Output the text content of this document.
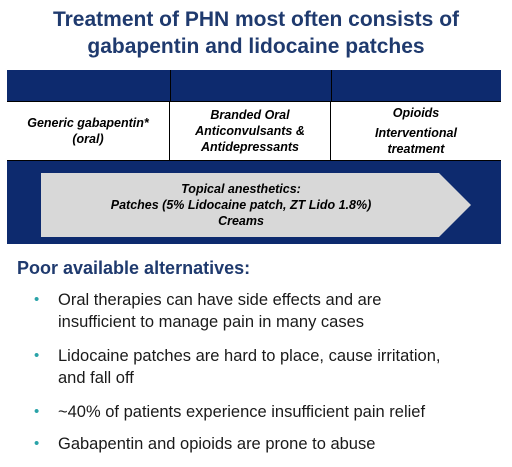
Treatment of PHN most often consists of
gabapentin and lidocaine patches
Generic gabapentin*
(oral)
Branded Oral
Anticonvulsants &
Antidepressants
Opioids
Interventional
treatment
Topical anesthetics:
Patches (5% Lidocaine patch, ZT Lido 1.8%)
Creams
Poor available alternatives:
• Oral therapies can have side effects and are
insufficient to manage pain in many cases
• Lidocaine patches are hard to place, cause irritation,
and fall off
• ~40% of patients experience insufficient pain relief
• Gabapentin and opioids are prone to abuse
